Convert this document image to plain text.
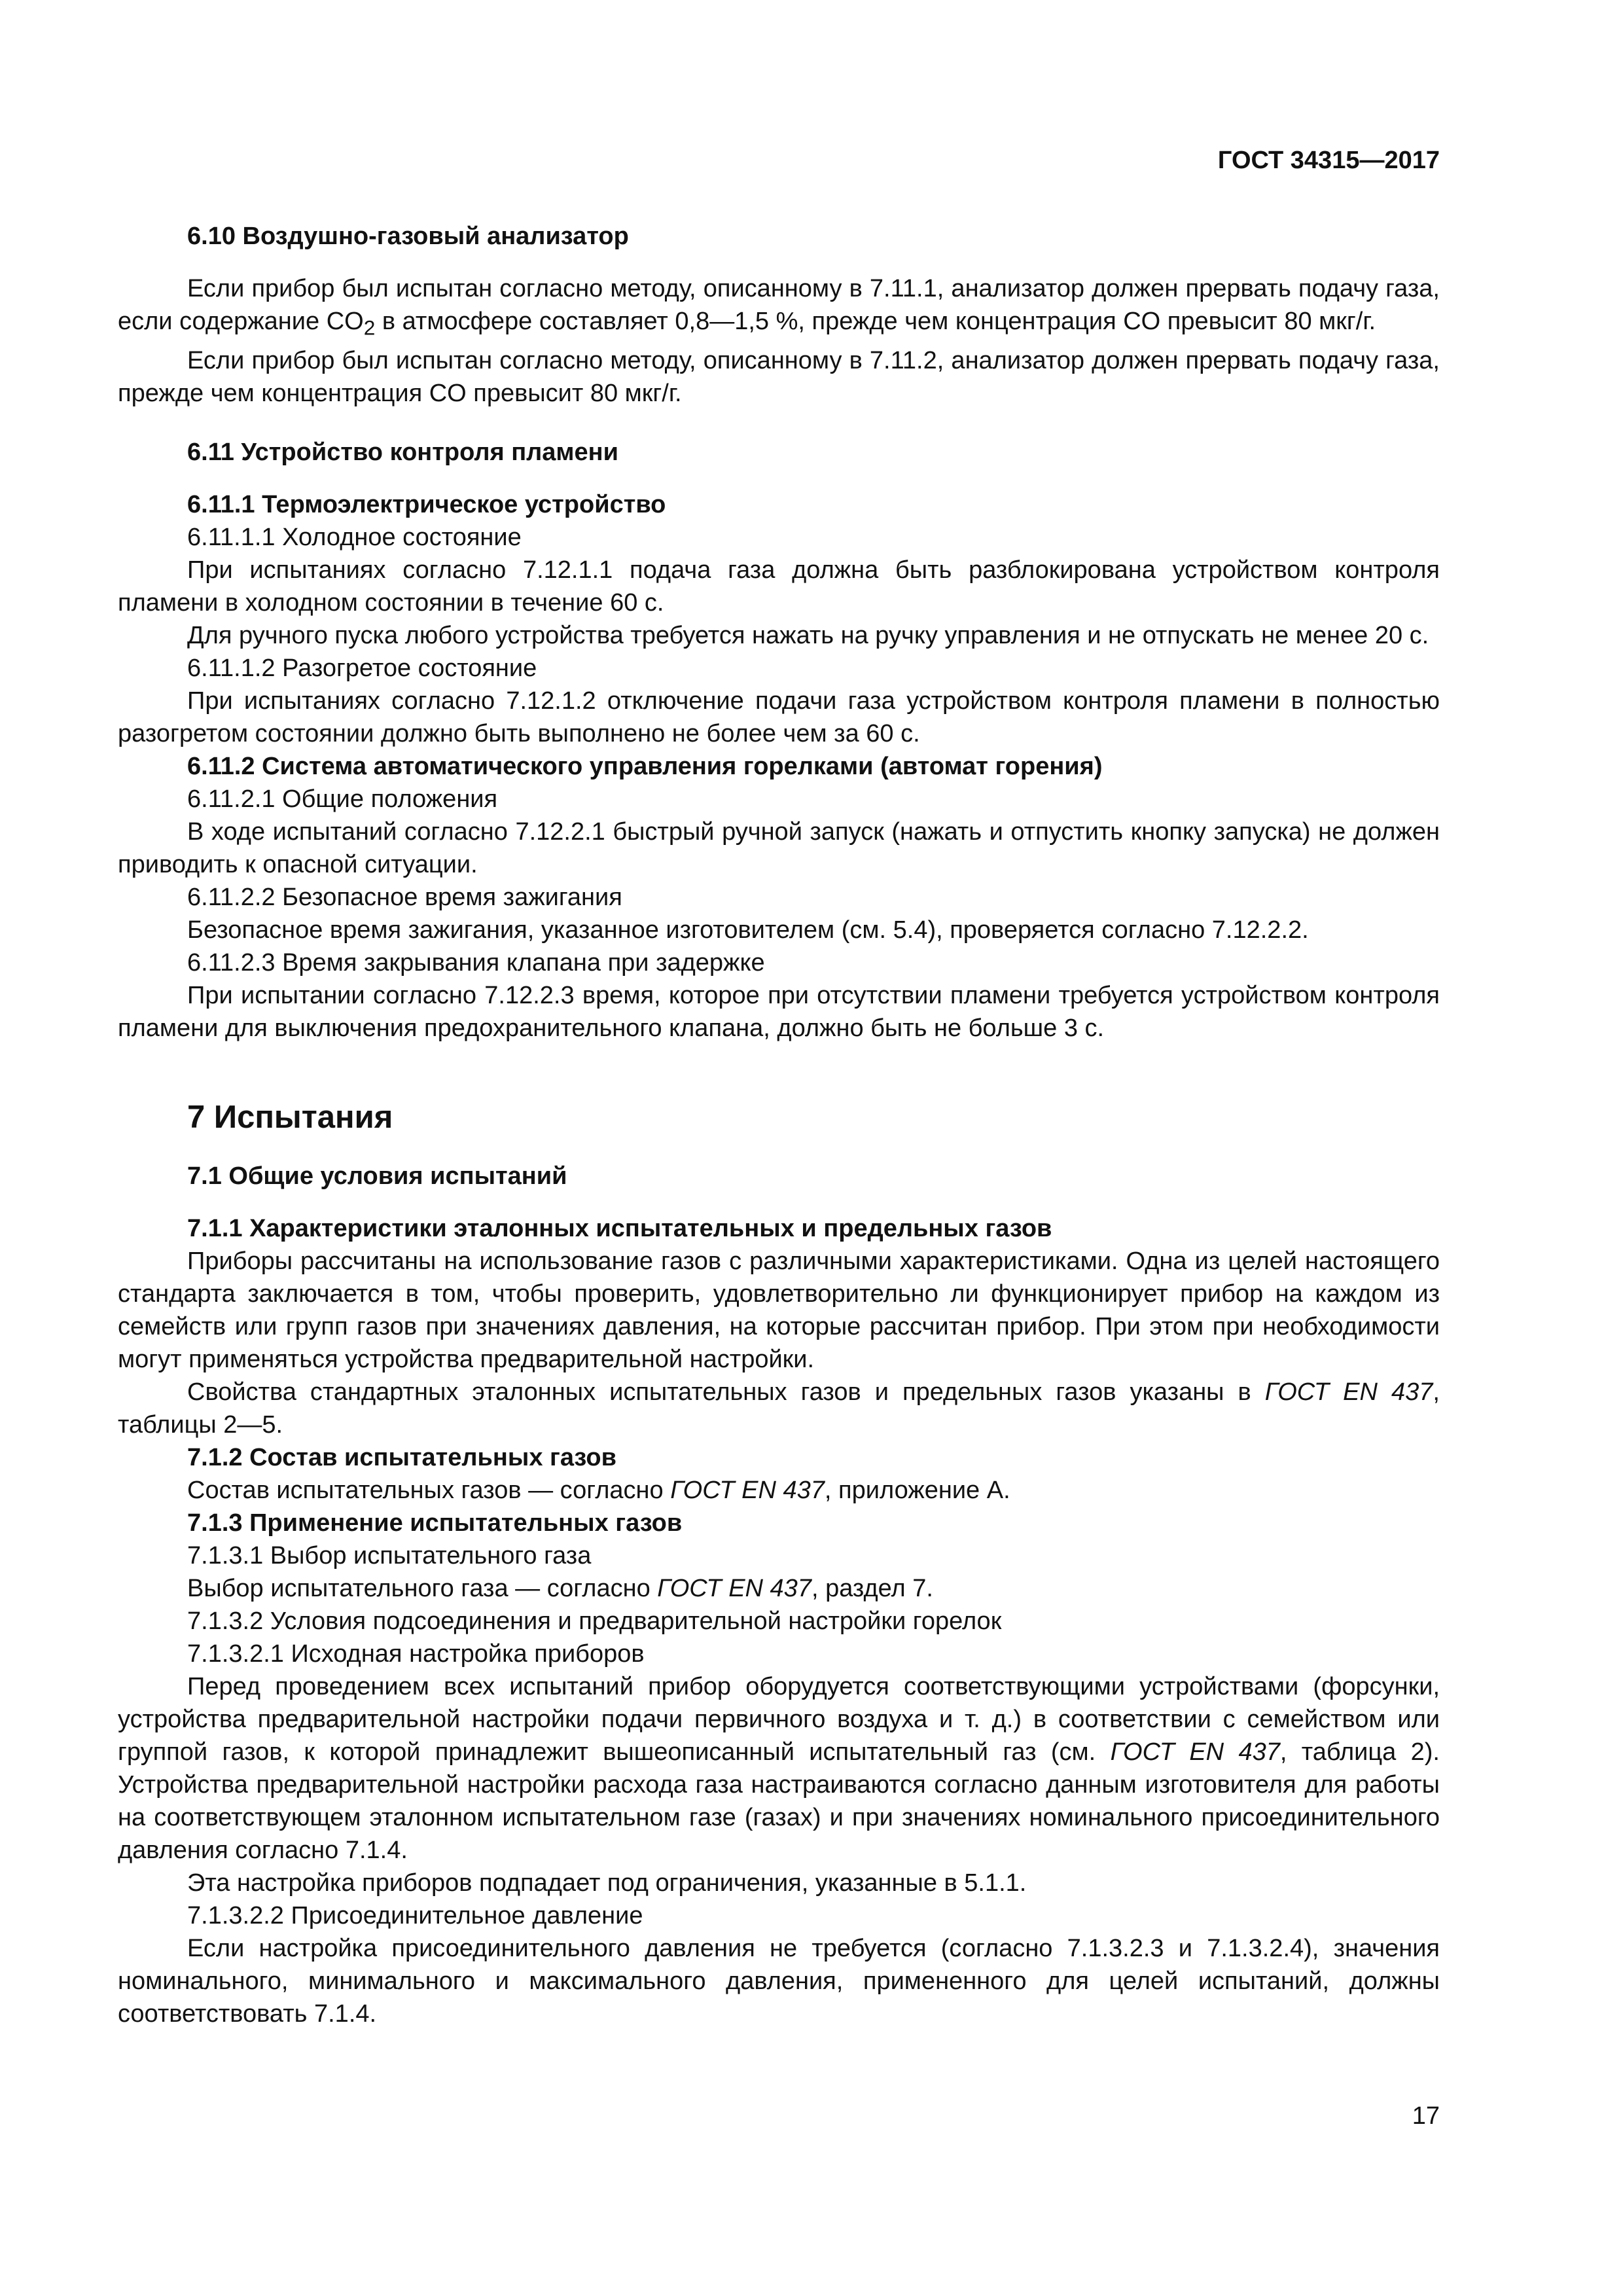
ГОСТ 34315—2017
6.10 Воздушно-газовый анализатор

Если прибор был испытан согласно методу, описанному в 7.11.1, анализатор должен прервать подачу газа, если содержание $CO_2$ в атмосфере составляет 0,8—1,5 %, прежде чем концентрация CO превысит 80 мкг/г.

Если прибор был испытан согласно методу, описанному в 7.11.2, анализатор должен прервать подачу газа, прежде чем концентрация CO превысит 80 мкг/г.

6.11 Устройство контроля пламени
6.11.1 Термоэлектрическое устройство
6.11.1.1 Холодное состояние

При испытаниях согласно 7.12.1.1 подача газа должна быть разблокирована устройством контроля пламени в холодном состоянии в течение 60 с.

Для ручного пуска любого устройства требуется нажать на ручку управления и не отпускать не менее 20 с.

6.11.1.2 Разогретое состояние

При испытаниях согласно 7.12.1.2 отключение подачи газа устройством контроля пламени в полностью разогретом состоянии должно быть выполнено не более чем за 60 с.

6.11.2 Система автоматического управления горелками (автомат горения)
6.11.2.1 Общие положения

В ходе испытаний согласно 7.12.2.1 быстрый ручной запуск (нажать и отпустить кнопку запуска) не должен приводить к опасной ситуации.

6.11.2.2 Безопасное время зажигания

Безопасное время зажигания, указанное изготовителем (см. 5.4), проверяется согласно 7.12.2.2.

6.11.2.3 Время закрывания клапана при задержке

При испытании согласно 7.12.2.3 время, которое при отсутствии пламени требуется устройством контроля пламени для выключения предохранительного клапана, должно быть не больше 3 с.

7 Испытания
7.1 Общие условия испытаний
7.1.1 Характеристики эталонных испытательных и предельных газов

Приборы рассчитаны на использование газов с различными характеристиками. Одна из целей настоящего стандарта заключается в том, чтобы проверить, удовлетворительно ли функционирует прибор на каждом из семейств или групп газов при значениях давления, на которые рассчитан прибор. При этом при необходимости могут применяться устройства предварительной настройки.

Свойства стандартных эталонных испытательных газов и предельных газов указаны в ГОСТ EN 437, таблицы 2—5.

7.1.2 Состав испытательных газов

Состав испытательных газов — согласно ГОСТ EN 437, приложение А.

7.1.3 Применение испытательных газов
7.1.3.1 Выбор испытательного газа

Выбор испытательного газа — согласно ГОСТ EN 437, раздел 7.

7.1.3.2 Условия подсоединения и предварительной настройки горелок
7.1.3.2.1 Исходная настройка приборов

Перед проведением всех испытаний прибор оборудуется соответствующими устройствами (форсунки, устройства предварительной настройки подачи первичного воздуха и т. д.) в соответствии с семейством или группой газов, к которой принадлежит вышеописанный испытательный газ (см. ГОСТ EN 437, таблица 2). Устройства предварительной настройки расхода газа настраиваются согласно данным изготовителя для работы на соответствующем эталонном испытательном газе (газах) и при значениях номинального присоединительного давления согласно 7.1.4.

Эта настройка приборов подпадает под ограничения, указанные в 5.1.1.

7.1.3.2.2 Присоединительное давление

Если настройка присоединительного давления не требуется (согласно 7.1.3.2.3 и 7.1.3.2.4), значения номинального, минимального и максимального давления, примененного для целей испытаний, должны соответствовать 7.1.4.

17
